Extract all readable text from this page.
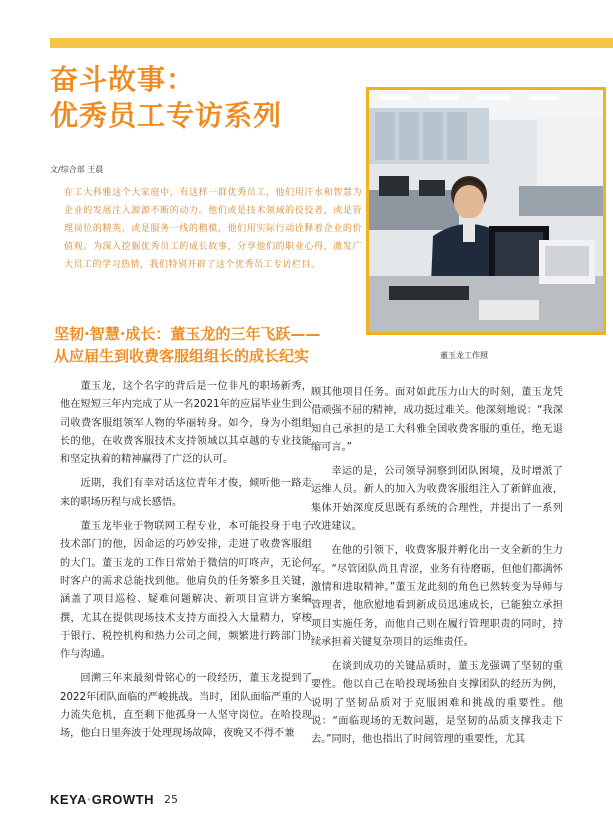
奋斗故事：
优秀员工专访系列
文/综合部 王晨
在工大科雅这个大家庭中，有这样一群优秀员工，他们用汗水和智慧为企业的发展注入源源不断的动力。他们或是技术领域的佼佼者，或是管理岗位的精英，或是服务一线的楷模，他们用实际行动诠释着企业的价值观。为深入挖掘优秀员工的成长故事，分享他们的职业心得，激发广大员工的学习热情，我们特别开辟了这个优秀员工专访栏目。
董玉龙工作照
坚韧·智慧·成长：董玉龙的三年飞跃——
从应届生到收费客服组组长的成长纪实

董玉龙，这个名字的背后是一位非凡的职场新秀，他在短短三年内完成了从一名2021年的应届毕业生到公司收费客服组领军人物的华丽转身。如今，身为小组组长的他，在收费客服技术支持领域以其卓越的专业技能和坚定执着的精神赢得了广泛的认可。

近期，我们有幸对话这位青年才俊，倾听他一路走来的职场历程与成长感悟。

董玉龙毕业于物联网工程专业，本可能投身于电子技术部门的他，因命运的巧妙安排，走进了收费客服组的大门。董玉龙的工作日常始于微信的叮咚声，无论何时客户的需求总能找到他。他肩负的任务繁多且关键，涵盖了项目巡检、疑难问题解决、新项目宣讲方案编撰，尤其在提供现场技术支持方面投入大量精力，穿梭于银行、税控机构和热力公司之间，频繁进行跨部门协作与沟通。

回溯三年来最刻骨铭心的一段经历，董玉龙提到了2022年团队面临的严峻挑战。当时，团队面临严重的人力流失危机，直至剩下他孤身一人坚守岗位。在哈投现场，他白日里奔波于处理现场故障，夜晚又不得不兼

顾其他项目任务。面对如此压力山大的时刻，董玉龙凭借顽强不屈的精神，成功挺过难关。他深刻地说：“我深知自己承担的是工大科雅全国收费客服的重任，绝无退缩可言。”

幸运的是，公司领导洞察到团队困境，及时增派了运维人员。新人的加入为收费客服组注入了新鲜血液，集体开始深度反思既有系统的合理性，并提出了一系列改进建议。

在他的引领下，收费客服并孵化出一支全新的生力军。“尽管团队尚且青涩，业务有待磨砺，但他们都满怀激情和进取精神。”董玉龙此刻的角色已然转变为导师与管理者，他欣慰地看到新成员迅速成长，已能独立承担项目实施任务，而他自己则在履行管理职责的同时，持续承担着关键复杂项目的运维责任。

在谈到成功的关键品质时，董玉龙强调了坚韧的重要性。他以自己在哈投现场独自支撑团队的经历为例，说明了坚韧品质对于克服困难和挑战的重要性。他说：“面临现场的无数问题，是坚韧的品质支撑我走下去。”同时，他也指出了时间管理的重要性，尤其

KEYA·GROWTH 25
